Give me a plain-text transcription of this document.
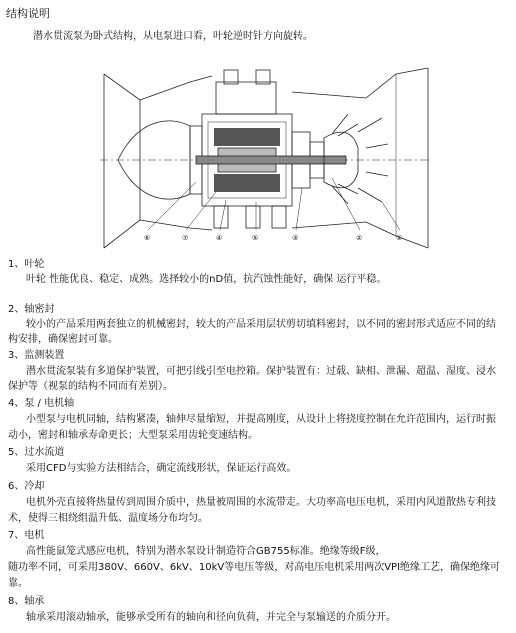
结构说明
潜水贯流泵为卧式结构，从电泵进口看，叶轮逆时针方向旋转。
⑥	⑦	④	⑤	③	②	①
1、叶轮
叶轮 性能优良、稳定、成熟。选择较小的nD值，抗汽蚀性能好，确保 运行平稳。
2、轴密封
较小的产品采用两套独立的机械密封，较大的产品采用层状剪切填料密封，以不同的密封形式适应不同的结
构安排，确保密封可靠。
3、监测装置
潜水贯流泵装有多道保护装置，可把引线引至电控箱。保护装置有：过载、缺相、泄漏、超温、湿度、浸水
保护等（视泵的结构不同而有差别）。
4、泵 / 电机轴
小型泵与电机同轴，结构紧凑，轴伸尽量缩短，并提高刚度，从设计上将挠度控制在允许范围内，运行时振
动小，密封和轴承寿命更长；大型泵采用齿轮变速结构。
5、过水流道
采用CFD与实验方法相结合，确定流线形状，保证运行高效。
6、冷却
电机外壳直接将热量传到周围介质中，热量被周围的水流带走。大功率高电压电机，采用内风道散热专利技
术，使得三相绕组温升低、温度场分布均匀。
7、电机
高性能鼠笼式感应电机，特别为潜水泵设计制造符合GB755标准。绝缘等级F级，
随功率不同，可采用380V、660V、6kV、10kV等电压等级，对高电压电机采用两次VPI绝缘工艺，确保绝缘可
靠。
8、轴承
轴承采用滚动轴承，能够承受所有的轴向和径向负荷，并完全与泵输送的介质分开。
